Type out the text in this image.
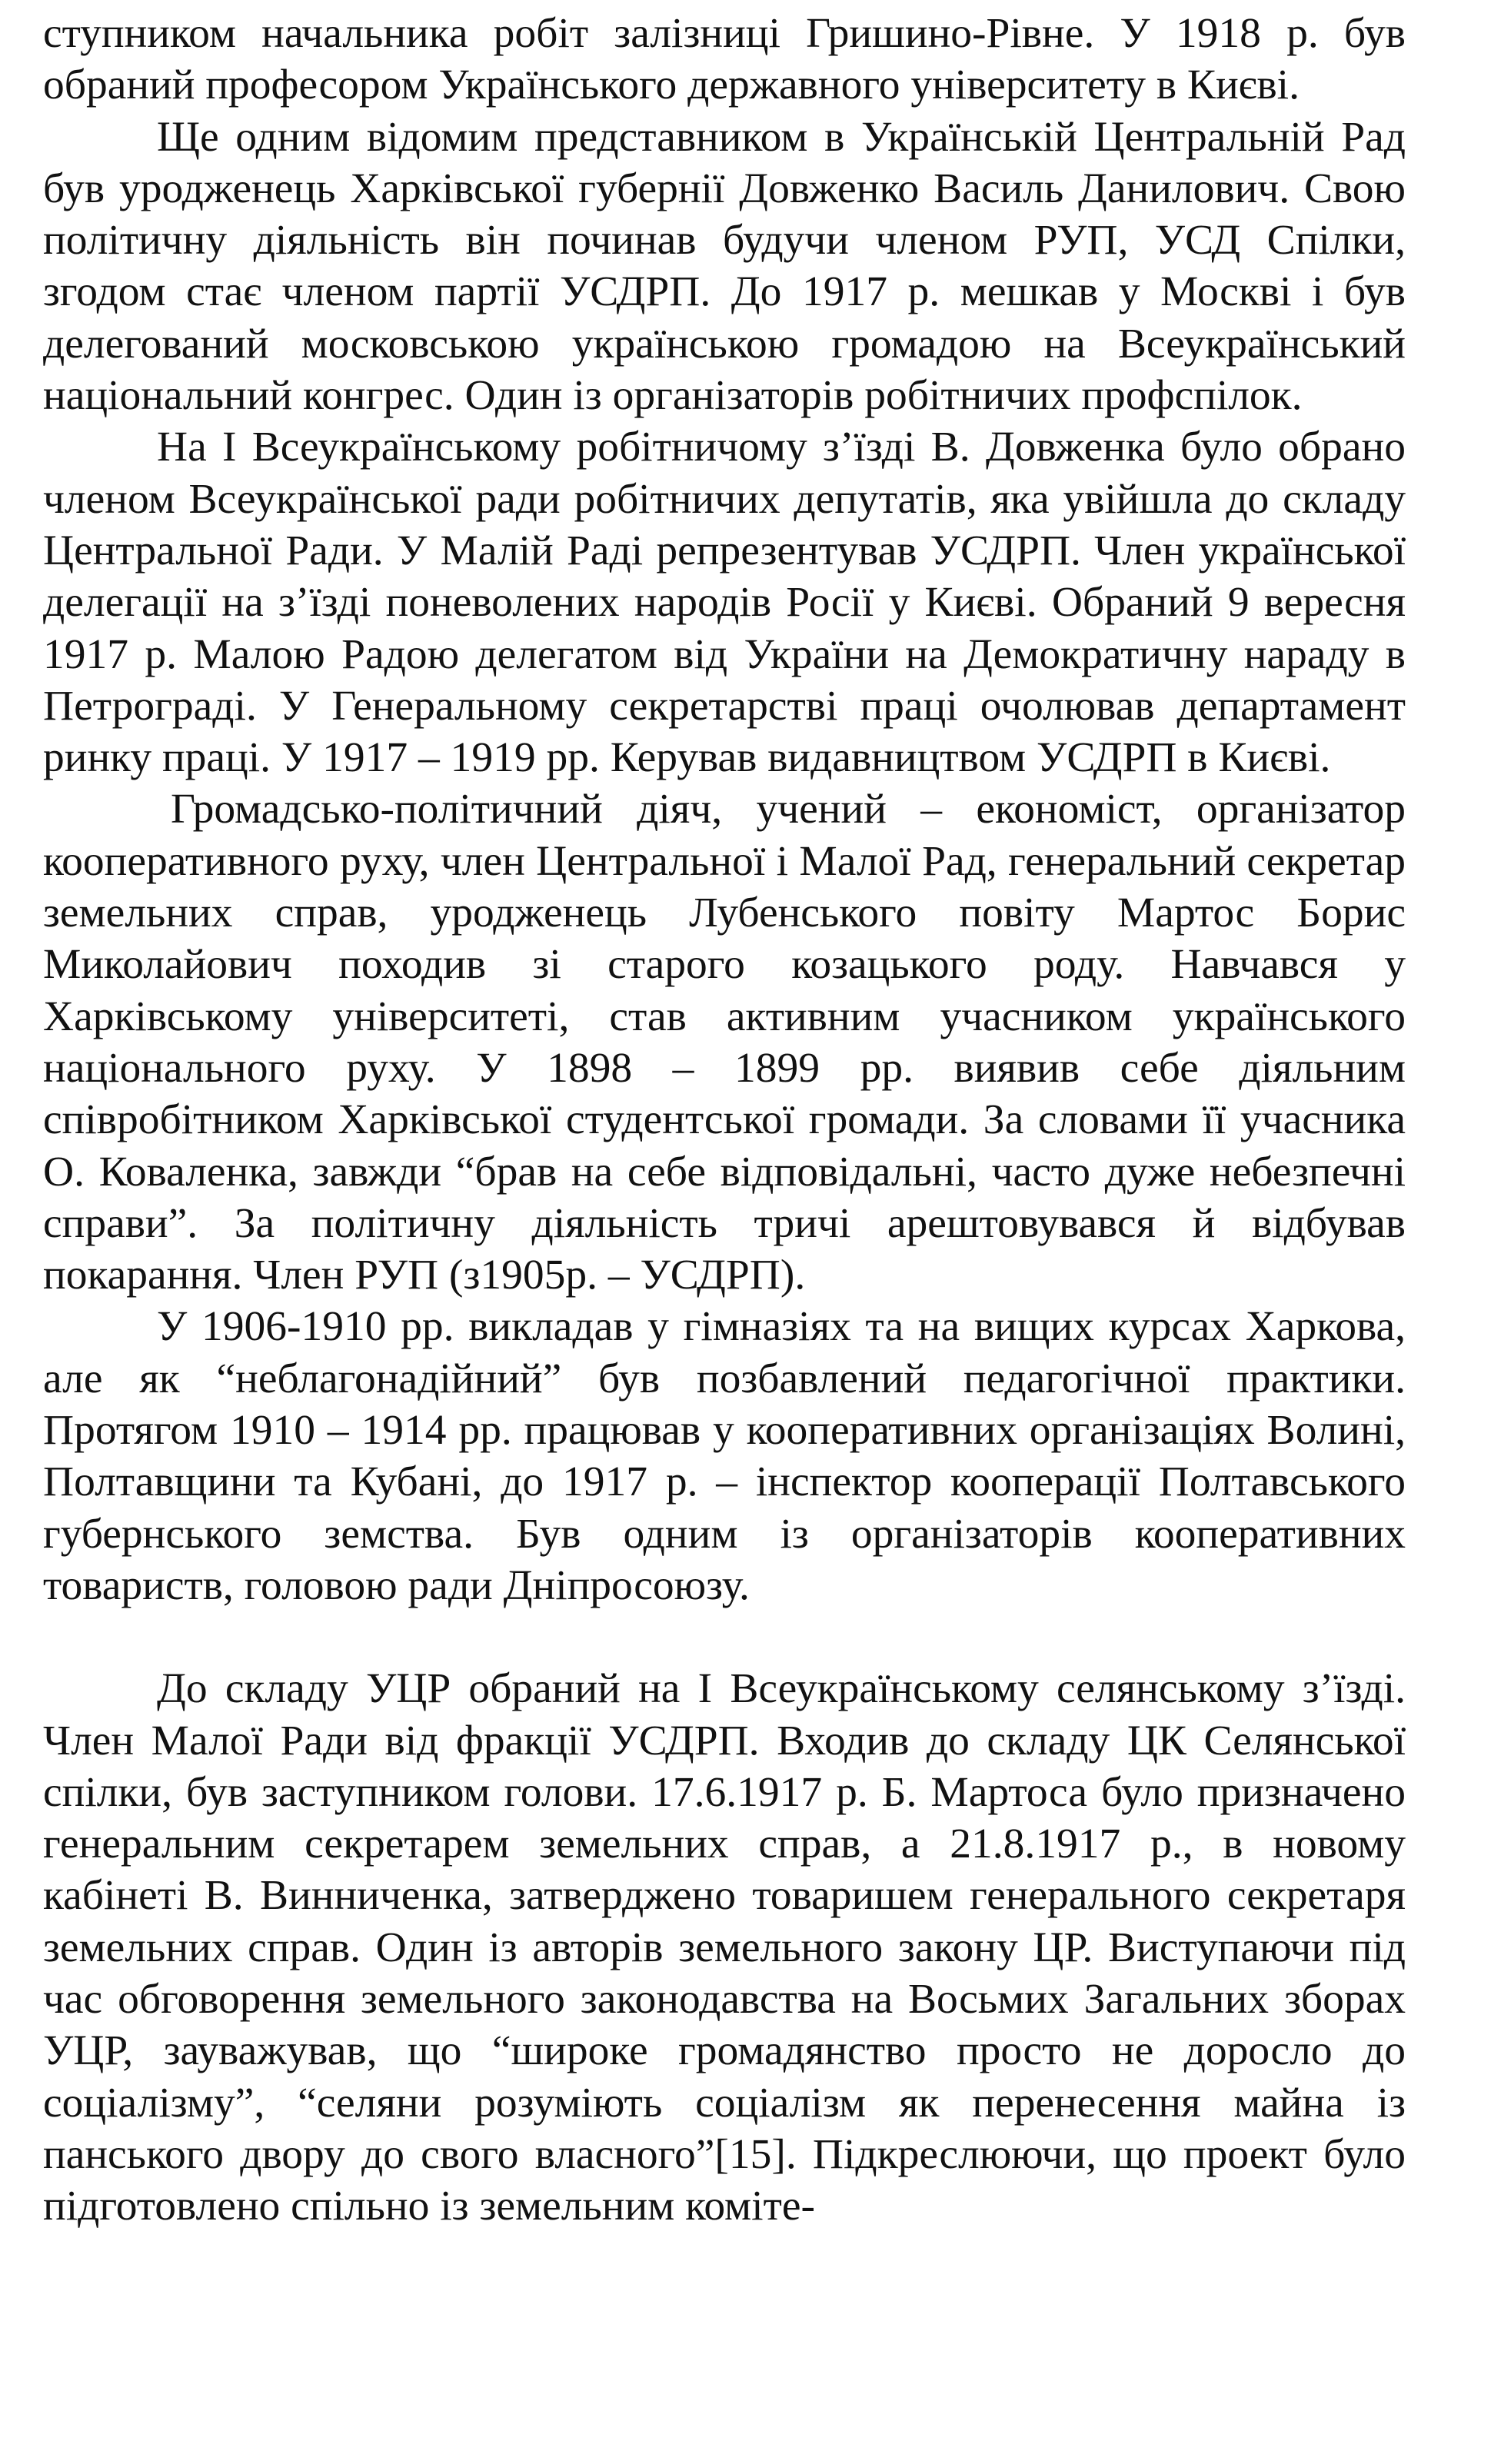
ступником начальника робіт залізниці Гришино-Рівне. У 1918 р. був обраний професором Українського державного університету в Києві.

Ще одним відомим представником в Українській Центральній Рад був уродженець Харківської губернії Довженко Василь Данилович. Свою політичну діяльність він починав будучи членом РУП, УСД Спілки, згодом стає членом партії УСДРП. До 1917 р. мешкав у Москві і був делегований московською українською громадою на Всеукраїнський національний конгрес. Один із організаторів робітничих профспілок.

На І Всеукраїнському робітничому з’їзді В. Довженка було обрано членом Всеукраїнської ради робітничих депутатів, яка увійшла до складу Центральної Ради. У Малій Раді репрезентував УСДРП. Член української делегації на з’їзді поневолених народів Росії у Києві. Обраний 9 вересня 1917 р. Малою Радою делегатом від України на Демократичну нараду в Петрограді. У Генеральному секретарстві праці очолював департамент ринку праці. У 1917 – 1919 рр. Керував видавництвом УСДРП в Києві.

Громадсько-політичний діяч, учений – економіст, організатор кооперативного руху, член Центральної і Малої Рад, генеральний секретар земельних справ, уродженець Лубенського повіту Мартос Борис Миколайович походив зі старого козацького роду. Навчався у Харківському університеті, став активним учасником українського національного руху. У 1898 – 1899 рр. виявив себе діяльним співробітником Харківської студентської громади. За словами її учасника О. Коваленка, завжди “брав на себе відповідальні, часто дуже небезпечні справи”. За політичну діяльність тричі арештовувався й відбував покарання. Член РУП (з1905р. – УСДРП).

У 1906-1910 рр. викладав у гімназіях та на вищих курсах Харкова, але як “неблагонадійний” був позбавлений педагогічної практики. Протягом 1910 – 1914 рр. працював у кооперативних організаціях Волині, Полтавщини та Кубані, до 1917 р. – інспектор кооперації Полтавського губернського земства. Був одним із організаторів кооперативних товариств, головою ради Дніпросоюзу.

До складу УЦР обраний на І Всеукраїнському селянському з’їзді. Член Малої Ради від фракції УСДРП. Входив до складу ЦК Селянської спілки, був заступником голови. 17.6.1917 р. Б. Мартоса було призначено генеральним секретарем земельних справ, а 21.8.1917 р., в новому кабінеті В. Винниченка, затверджено товаришем генерального секретаря земельних справ. Один із авторів земельного закону ЦР. Виступаючи під час обговорення земельного законодавства на Восьмих Загальних зборах УЦР, зауважував, що “широке громадянство просто не доросло до соціалізму”, “селяни розуміють соціалізм як перенесення майна із панського двору до свого власного”[15]. Підкреслюючи, що проект було підготовлено спільно із земельним коміте-
